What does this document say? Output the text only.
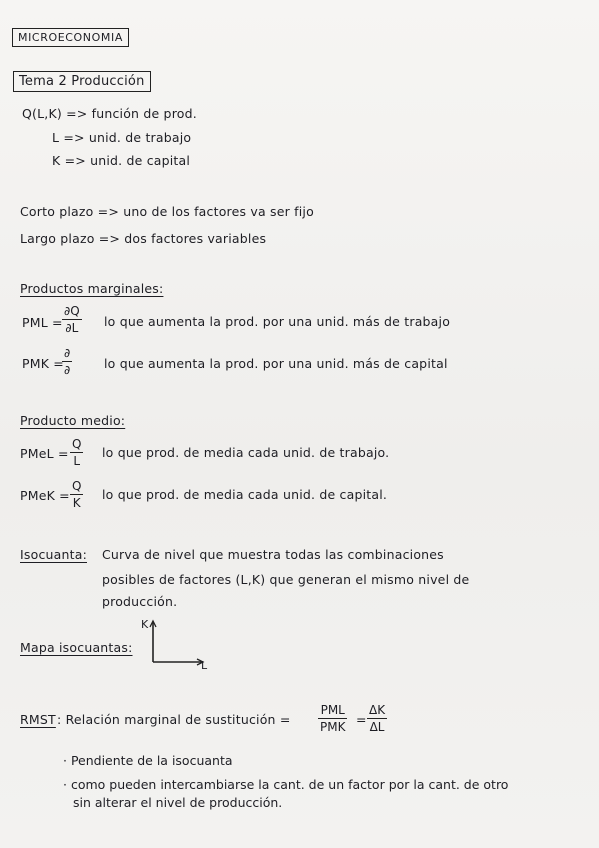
MICROECONOMIA
Tema 2 Producción
Q(L,K) => función de prod.
L => unid. de trabajo
K => unid. de capital
Corto plazo => uno de los factores va ser fijo
Largo plazo => dos factores variables
Productos marginales:
PML =
∂Q
∂L lo que aumenta la prod. por una unid. más de trabajo
PMK =
∂
∂	lo que aumenta la prod. por una unid. más de capital
Producto medio:
PMeL =
Q
L
lo que prod. de media cada unid. de trabajo.
PMeK =
Q
K
lo que prod. de media cada unid. de capital.
Isocuanta: Curva de nivel que muestra todas las combinaciones
posibles de factores (L,K) que generan el mismo nivel de
producción.
Mapa isocuantas:
K
L
RMST : Relación marginal de sustitución =
PML
PMK =
ΔK
ΔL
· Pendiente de la isocuanta
· como pueden intercambiarse la cant. de un factor por la cant. de otro
sin alterar el nivel de producción.
